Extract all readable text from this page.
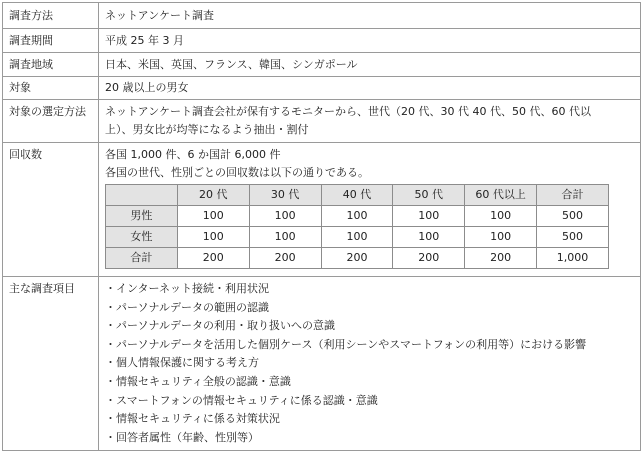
調査方法	ネットアンケート調査
調査期間	平成 25 年 3 月
調査地域	日本、米国、英国、フランス、韓国、シンガポール
対象	20 歳以上の男女
対象の選定方法	ネットアンケート調査会社が保有するモニターから、世代（20 代、30 代 40 代、50 代、60 代以
上）、男女比が均等になるよう抽出・割付

回収数	各国 1,000 件、6 か国計 6,000 件
各国の世代、性別ごとの回収数は以下の通りである。
	20 代	30 代	40 代	50 代	60 代以上	合計
男性	100	100	100	100	100	500
女性	100	100	100	100	100	500
合計	200	200	200	200	200	1,000

主な調査項目	・インターネット接続・利用状況
・パーソナルデータの範囲の認識
・パーソナルデータの利用・取り扱いへの意識
・パーソナルデータを活用した個別ケース（利用シーンやスマートフォンの利用等）における影響
・個人情報保護に関する考え方
・情報セキュリティ全般の認識・意識
・スマートフォンの情報セキュリティに係る認識・意識
・情報セキュリティに係る対策状況
・回答者属性（年齢、性別等）
